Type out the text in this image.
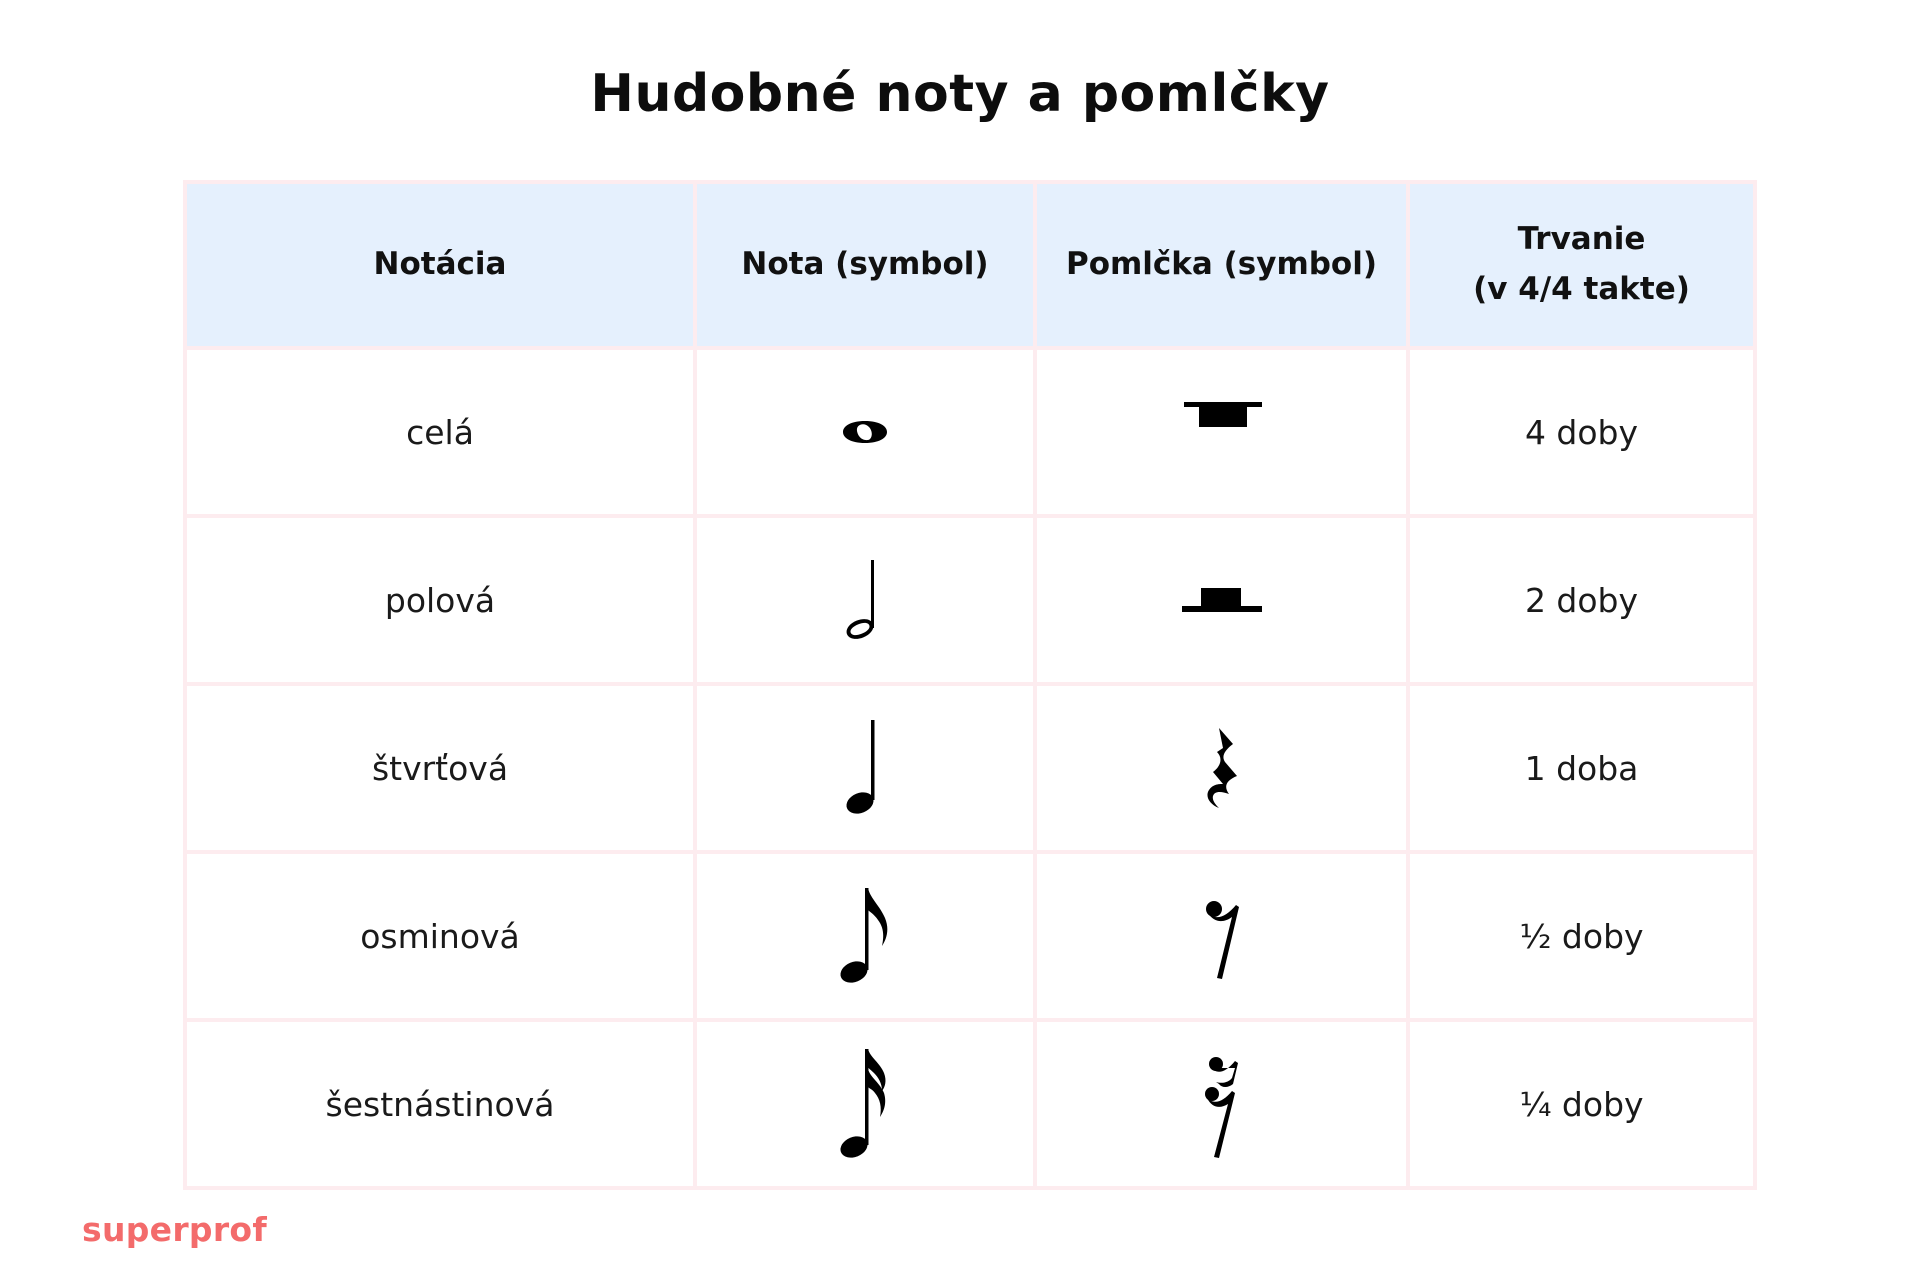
Hudobné noty a pomlčky
Notácia	Nota (symbol)	Pomlčka (symbol)	Trvanie
(v 4/4 takte)
celá			4 doby
polová			2 doby
štvrťová			1 doba
osminová			½ doby
šestnástinová			¼ doby
superprof
